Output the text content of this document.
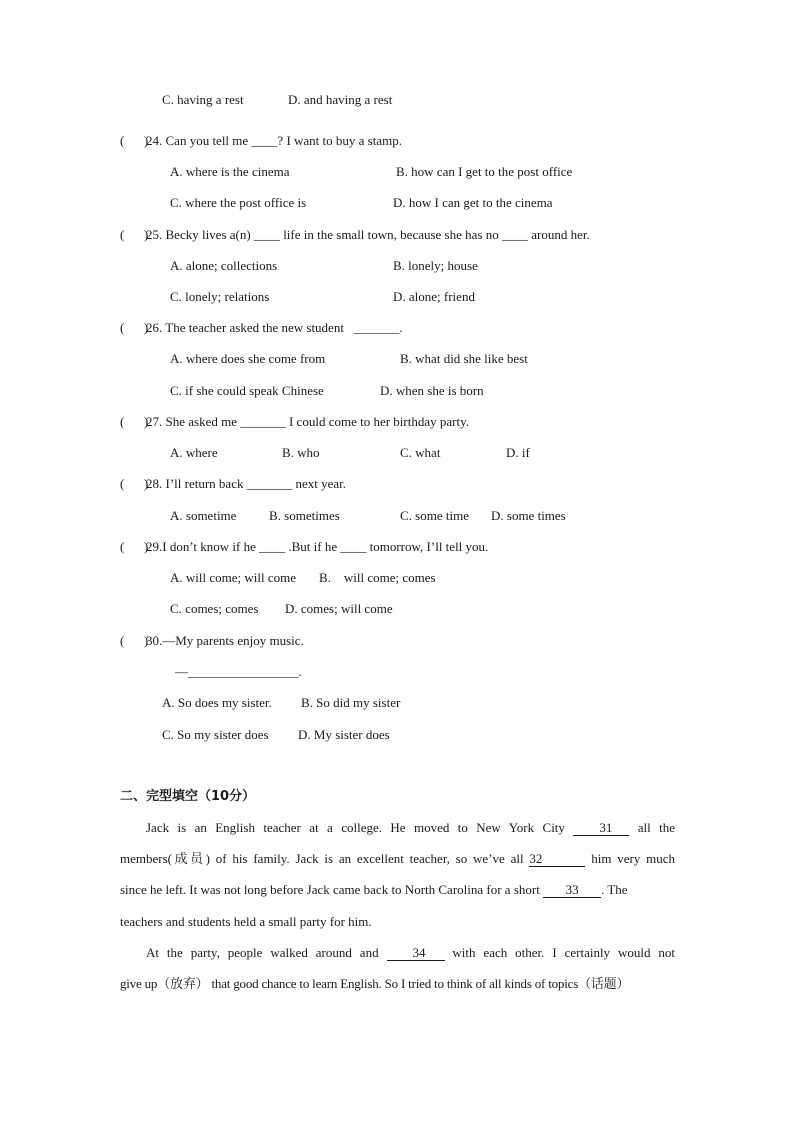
C. having a rest	D. and having a rest
(      )
24. Can you tell me ____? I want to buy a stamp.
A. where is the cinema	B. how can I get to the post office
C. where the post office is	D. how I can get to the cinema
(      )
25. Becky lives a(n) ____ life in the small town, because she has no ____ around her.
A. alone; collections	B. lonely; house
C. lonely; relations	D. alone; friend
(      )
26. The teacher asked the new student   _______.
A. where does she come from	B. what did she like best
C. if she could speak Chinese	D. when she is born
(      )
27. She asked me _______ I could come to her birthday party.
A. where	B. who	C. what	D. if
(      )
28. I’ll return back _______ next year.
A. sometime	B. sometimes	C. some time D. some times
(      )
29.I don’t know if he ____ .But if he ____ tomorrow, I’ll tell you.
A. will come; will come B.    will come; comes
C. comes; comes D. comes; will come
(      )
30.—My parents enjoy music.
—_________________.
A. So does my sister. B. So did my sister
C. So my sister does D. My sister does
二、完型填空（10分）
Jack is an English teacher at a college. He moved to New York City	31 all the
members(成员) of his family. Jack is an excellent teacher, so we’ve all 32	him very much
since he left. It was not long before Jack came back to North Carolina for a short 33 . The
teachers and students held a small party for him.
At the party, people walked around and	34 with each other. I certainly would not
give up（放弃） that good chance to learn English. So I tried to think of all kinds of topics（话题）
